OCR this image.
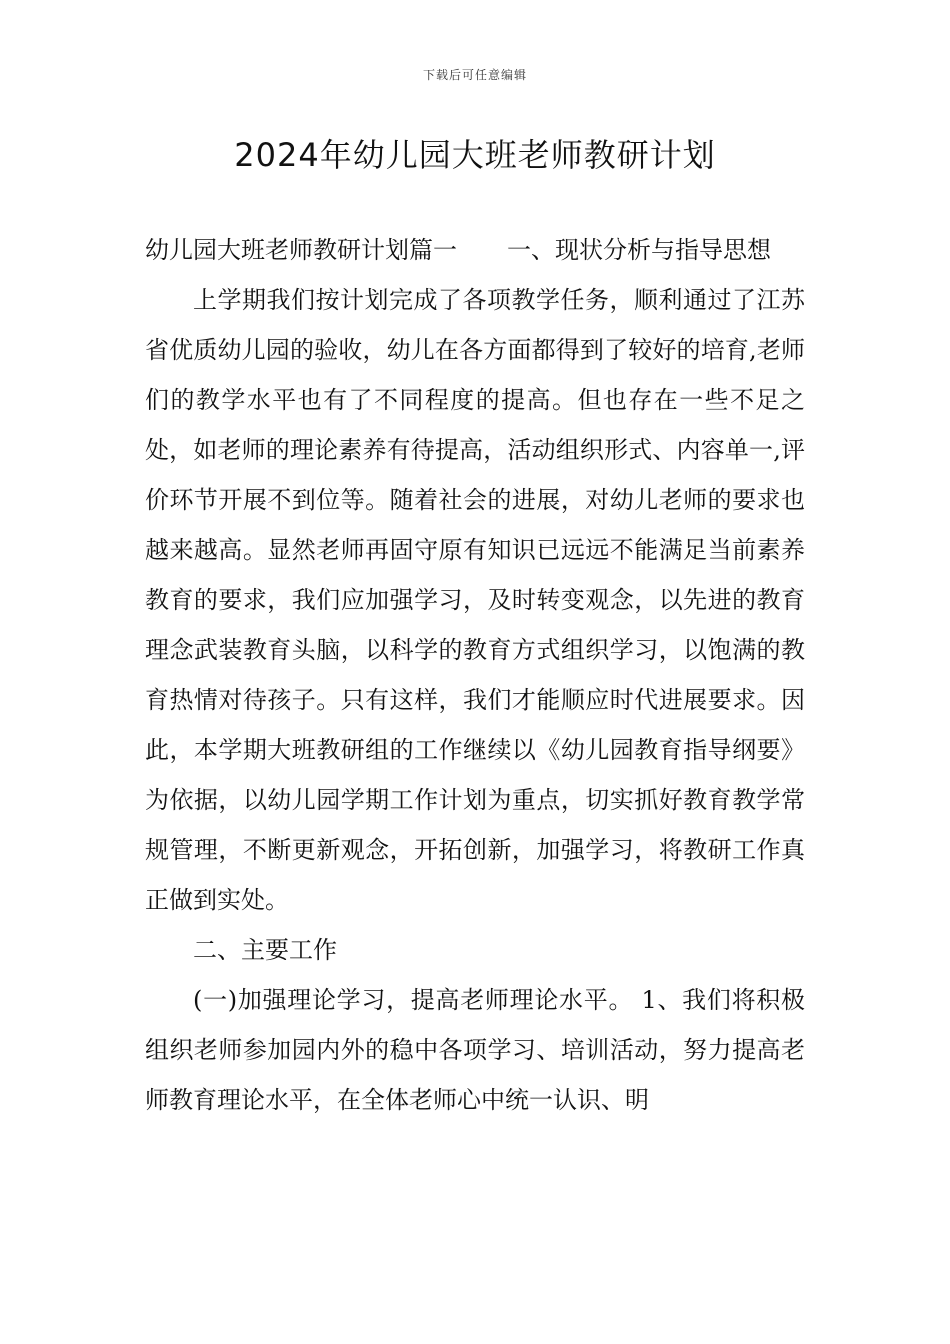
下载后可任意编辑
2024年幼儿园大班老师教研计划

幼儿园大班老师教研计划篇一 一、现状分析与指导思想

上学期我们按计划完成了各项教学任务，顺利通过了江苏省优质幼儿园的验收，幼儿在各方面都得到了较好的培育,老师们的教学水平也有了不同程度的提高。但也存在一些不足之处，如老师的理论素养有待提高，活动组织形式、内容单一,评价环节开展不到位等。随着社会的进展，对幼儿老师的要求也越来越高。显然老师再固守原有知识已远远不能满足当前素养教育的要求，我们应加强学习，及时转变观念，以先进的教育理念武装教育头脑，以科学的教育方式组织学习，以饱满的教育热情对待孩子。只有这样，我们才能顺应时代进展要求。因此，本学期大班教研组的工作继续以《幼儿园教育指导纲要》为依据，以幼儿园学期工作计划为重点，切实抓好教育教学常规管理，不断更新观念，开拓创新，加强学习，将教研工作真正做到实处。

二、主要工作

(一)加强理论学习，提高老师理论水平。 1、我们将积极组织老师参加园内外的稳中各项学习、培训活动，努力提高老师教育理论水平，在全体老师心中统一认识、明
